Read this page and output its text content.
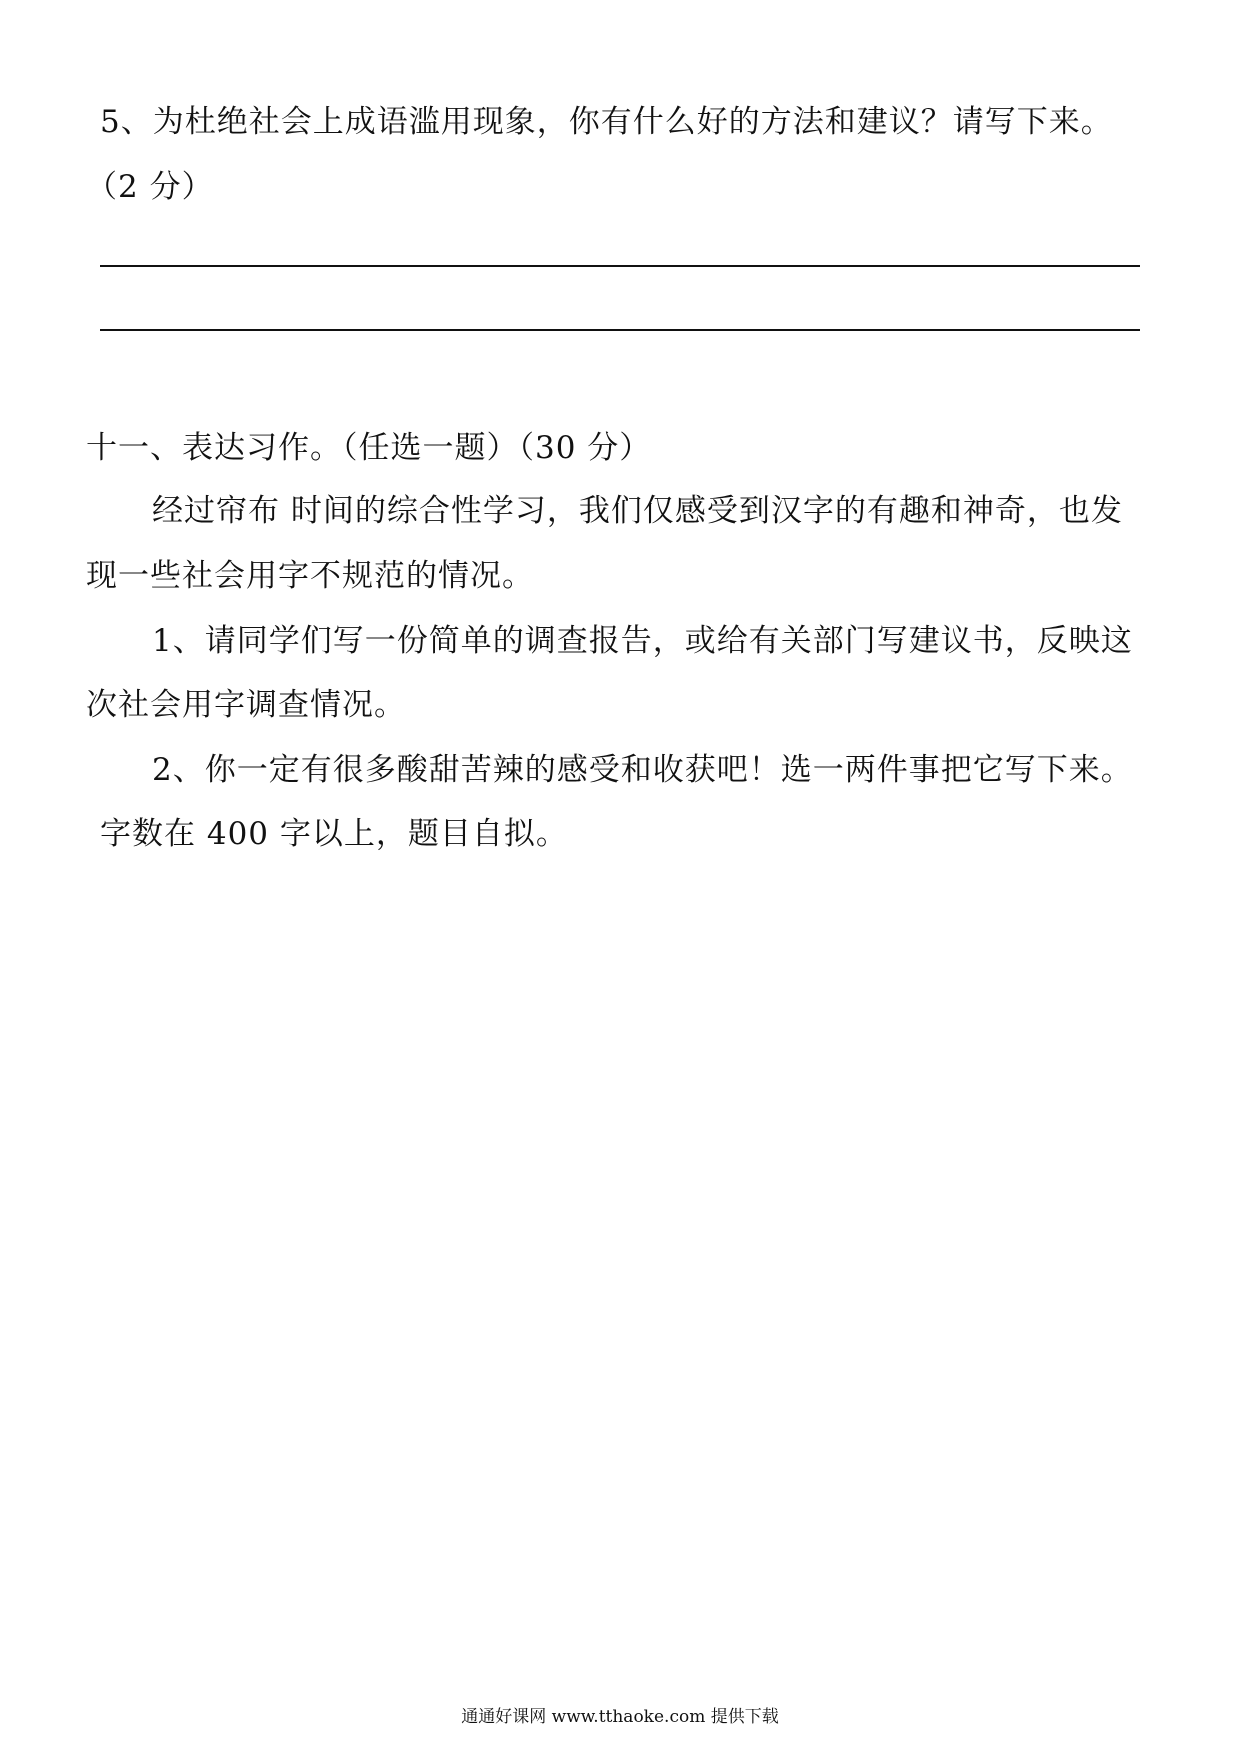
5、为杜绝社会上成语滥用现象，你有什么好的方法和建议？请写下来。
（2 分）
十一、表达习作。（任选一题）（30 分）
经过帘布 时间的综合性学习，我们仅感受到汉字的有趣和神奇，也发
现一些社会用字不规范的情况。
1、请同学们写一份简单的调查报告，或给有关部门写建议书，反映这
次社会用字调查情况。
2、你一定有很多酸甜苦辣的感受和收获吧！选一两件事把它写下来。
字数在 400 字以上，题目自拟。
通通好课网 www.tthaoke.com 提供下载
